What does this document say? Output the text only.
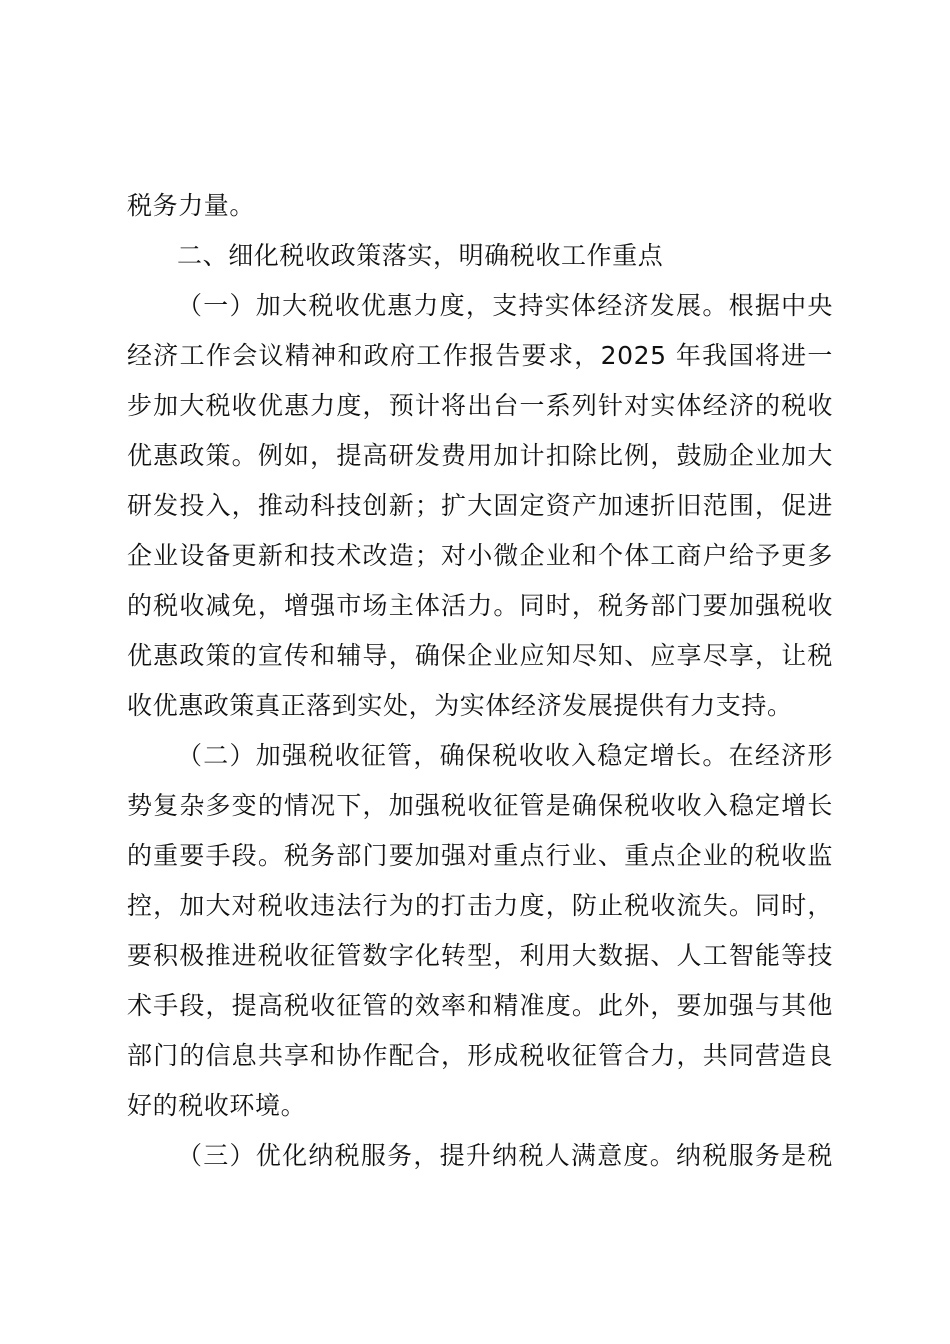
税务力量。
二、细化税收政策落实，明确税收工作重点
（一）加大税收优惠力度，支持实体经济发展。根据中央
经济工作会议精神和政府工作报告要求，2025 年我国将进一
步加大税收优惠力度，预计将出台一系列针对实体经济的税收
优惠政策。例如，提高研发费用加计扣除比例，鼓励企业加大
研发投入，推动科技创新；扩大固定资产加速折旧范围，促进
企业设备更新和技术改造；对小微企业和个体工商户给予更多
的税收减免，增强市场主体活力。同时，税务部门要加强税收
优惠政策的宣传和辅导，确保企业应知尽知、应享尽享，让税
收优惠政策真正落到实处，为实体经济发展提供有力支持。
（二）加强税收征管，确保税收收入稳定增长。在经济形
势复杂多变的情况下，加强税收征管是确保税收收入稳定增长
的重要手段。税务部门要加强对重点行业、重点企业的税收监
控，加大对税收违法行为的打击力度，防止税收流失。同时，
要积极推进税收征管数字化转型，利用大数据、人工智能等技
术手段，提高税收征管的效率和精准度。此外，要加强与其他
部门的信息共享和协作配合，形成税收征管合力，共同营造良
好的税收环境。
（三）优化纳税服务，提升纳税人满意度。纳税服务是税
